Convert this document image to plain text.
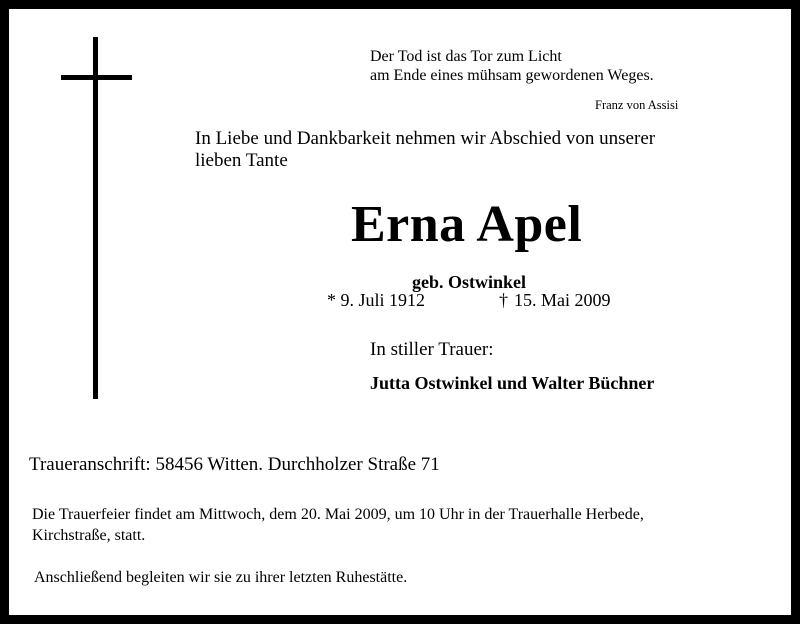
Der Tod ist das Tor zum Licht
am Ende eines mühsam gewordenen Weges.
Franz von Assisi
In Liebe und Dankbarkeit nehmen wir Abschied von unserer
lieben Tante
Erna Apel
geb. Ostwinkel
* 9. Juli 1912	† 15. Mai 2009
In stiller Trauer:
Jutta Ostwinkel und Walter Büchner
Traueranschrift: 58456 Witten. Durchholzer Straße 71
Die Trauerfeier findet am Mittwoch, dem 20. Mai 2009, um 10 Uhr in der Trauerhalle Herbede,
Kirchstraße, statt.
Anschließend begleiten wir sie zu ihrer letzten Ruhestätte.
